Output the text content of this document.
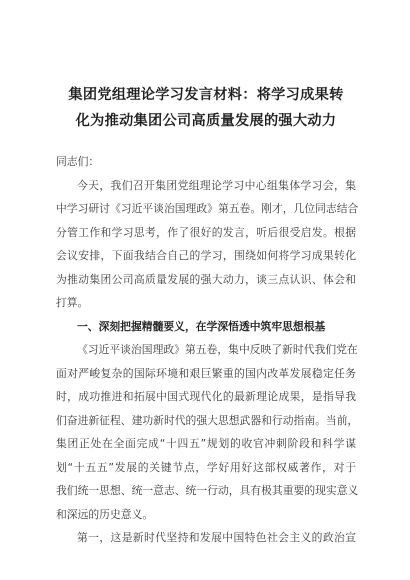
集团党组理论学习发言材料：将学习成果转
化为推动集团公司高质量发展的强大动力
同志们：
今天，我们召开集团党组理论学习中心组集体学习会，集
中学习研讨《习近平谈治国理政》第五卷。刚才，几位同志结合
分管工作和学习思考，作了很好的发言，听后很受启发。根据
会议安排，下面我结合自己的学习，围绕如何将学习成果转化
为推动集团公司高质量发展的强大动力，谈三点认识、体会和
打算。
一、深刻把握精髓要义，在学深悟透中筑牢思想根基
《习近平谈治国理政》第五卷，集中反映了新时代我们党在
面对严峻复杂的国际环境和艰巨繁重的国内改革发展稳定任务
时，成功推进和拓展中国式现代化的最新理论成果，是指导我
们奋进新征程、建功新时代的强大思想武器和行动指南。当前，
集团正处在全面完成“十四五”规划的收官冲刺阶段和科学谋
划“十五五”发展的关键节点，学好用好这部权威著作，对于
我们统一思想、统一意志、统一行动，具有极其重要的现实意义
和深远的历史意义。
第一，这是新时代坚持和发展中国特色社会主义的政治宣
